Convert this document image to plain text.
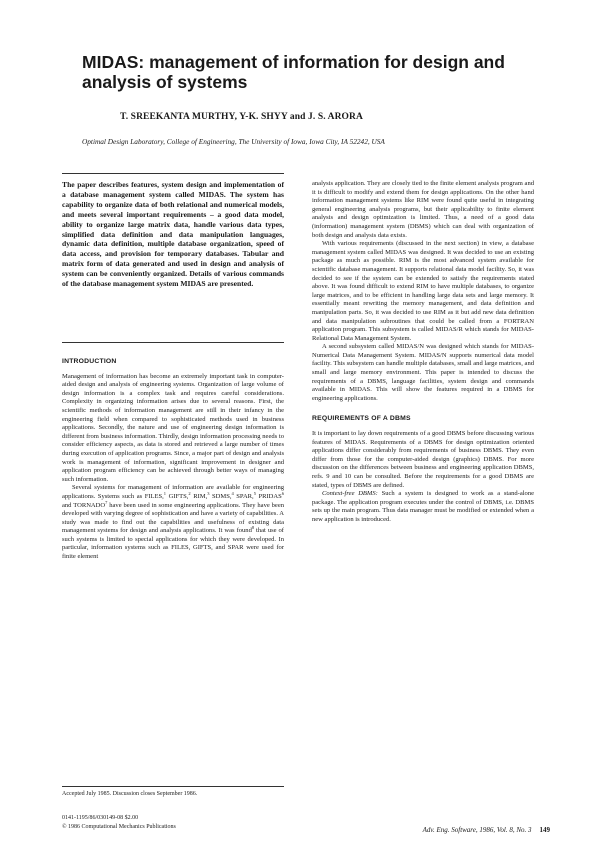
MIDAS: management of information for design and analysis of systems
T. SREEKANTA MURTHY, Y-K. SHYY and J. S. ARORA
Optimal Design Laboratory, College of Engineering, The University of Iowa, Iowa City, IA 52242, USA

The paper describes features, system design and implementation of a database management system called MIDAS. The system has capability to organize data of both relational and numerical models, and meets several important requirements – a good data model, ability to organize large matrix data, handle various data types, simplified data definition and data manipulation languages, dynamic data definition, multiple database organization, speed of data access, and provision for temporary databases. Tabular and matrix form of data generated and used in design and analysis of system can be conveniently organized. Details of various commands of the database management system MIDAS are presented.

INTRODUCTION

Management of information has become an extremely important task in computer-aided design and analysis of engineering systems. Organization of large volume of design information is a complex task and requires careful considerations. Complexity in organizing information arises due to several reasons. First, the scientific methods of information management are still in their infancy in the engineering field when compared to sophisticated methods used in business applications. Secondly, the nature and use of engineering design information is different from business information. Thirdly, design information processing needs to consider efficiency aspects, as data is stored and retrieved a large number of times during execution of application programs. Since, a major part of design and analysis work is management of information, significant improvement in designer and application program efficiency can be achieved through better ways of managing such information.

Several systems for management of information are available for engineering applications. Systems such as FILES,$^1$ GIFTS,$^2$ RIM,$^3$ SDMS,$^4$ SPAR,$^5$ PRIDAS$^6$ and TORNADO$^7$ have been used in some engineering applications. They have been developed with varying degree of sophistication and have a variety of capabilities. A study was made to find out the capabilities and usefulness of existing data management systems for design and analysis applications. It was found$^8$ that use of such systems is limited to special applications for which they were developed. In particular, information systems such as FILES, GIFTS, and SPAR were used for finite element

Accepted July 1985. Discussion closes September 1986.
0141-1195/86/030149-08 $2.00
© 1986 Computational Mechanics Publications

analysis application. They are closely tied to the finite element analysis program and it is difficult to modify and extend them for design applications. On the other hand information management systems like RIM were found quite useful in integrating general engineering analysis programs, but their applicability to finite element analysis and design optimization is limited. Thus, a need of a good data (information) management system (DBMS) which can deal with organization of both design and analysis data exists.

With various requirements (discussed in the next section) in view, a database management system called MIDAS was designed. It was decided to use an existing package as much as possible. RIM is the most advanced system available for scientific database management. It supports relational data model facility. So, it was decided to see if the system can be extended to satisfy the requirements stated above. It was found difficult to extend RIM to have multiple databases, to organize large matrices, and to be efficient in handling large data sets and large memory. It essentially meant rewriting the memory management, and data definition and manipulation parts. So, it was decided to use RIM as it but add new data definition and data manipulation subroutines that could be called from a FORTRAN application program. This subsystem is called MIDAS/R which stands for MIDAS-Relational Data Management System.

A second subsystem called MIDAS/N was designed which stands for MIDAS-Numerical Data Management System. MIDAS/N supports numerical data model facility. This subsystem can handle multiple databases, small and large matrices, and small and large memory environment. This paper is intended to discuss the requirements of a DBMS, language facilities, system design and commands available in MIDAS. This will show the features required in a DBMS for engineering applications.

REQUIREMENTS OF A DBMS

It is important to lay down requirements of a good DBMS before discussing various features of MIDAS. Requirements of a DBMS for design optimization oriented applications differ considerably from requirements of business DBMS. They even differ from those for the computer-aided design (graphics) DBMS. For more discussion on the differences between business and engineering application DBMS, refs. 9 and 10 can be consulted. Before the requirements for a good DBMS are stated, types of DBMS are defined.

Context-free DBMS: Such a system is designed to work as a stand-alone package. The application program executes under the control of DBMS, i.e. DBMS sets up the main program. Thus data manager must be modified or extended when a new application is introduced.

Adv. Eng. Software, 1986, Vol. 8, No. 3 149
